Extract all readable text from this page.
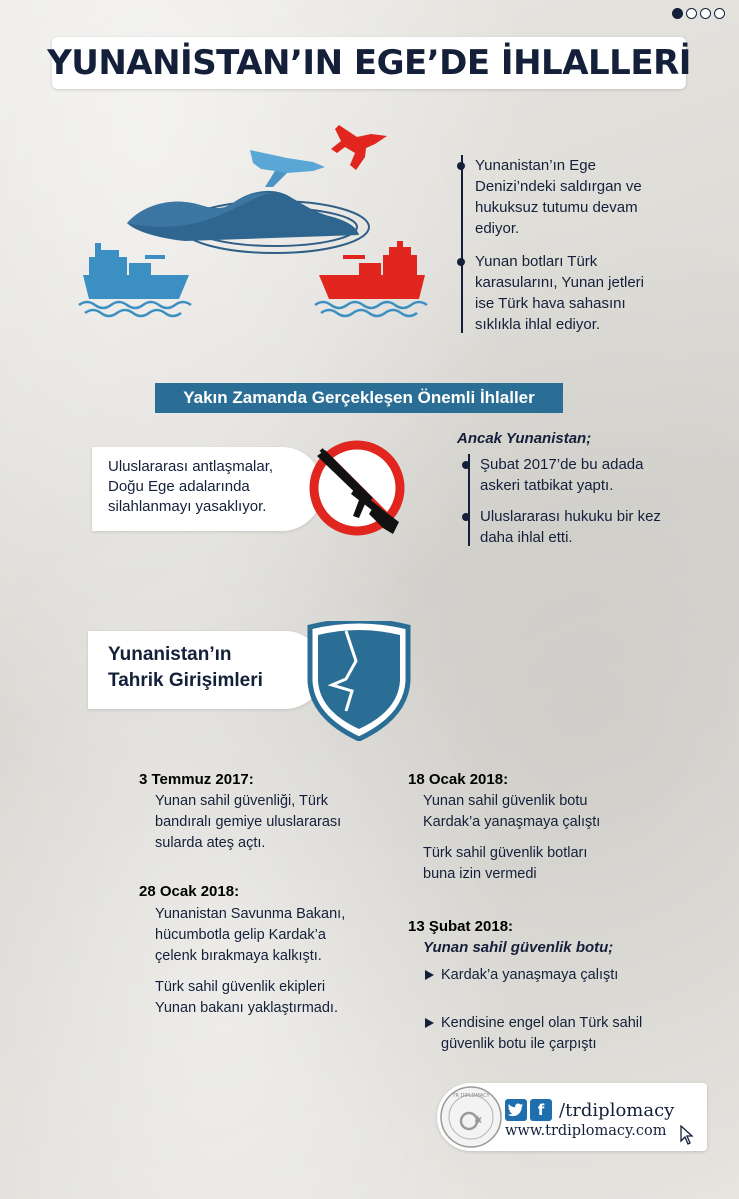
YUNANİSTAN’IN EGE’DE İHLALLERİ
Yunanistan’ın Ege Denizi’ndeki saldırgan ve hukuksuz tutumu devam ediyor.
Yunan botları Türk karasularını, Yunan jetleri ise Türk hava sahasını sıklıkla ihlal ediyor.
Yakın Zamanda Gerçekleşen Önemli İhlaller
Uluslararası antlaşmalar, Doğu Ege adalarında silahlanmayı yasaklıyor.
Ancak Yunanistan;
Şubat 2017’de bu adada askeri tatbikat yaptı.
Uluslararası hukuku bir kez daha ihlal etti.
Yunanistan’ın
Tahrik Girişimleri
3 Temmuz 2017:
Yunan sahil güvenliği, Türk bandıralı gemiye uluslararası sularda ateş açtı.
28 Ocak 2018:
Yunanistan Savunma Bakanı, hücumbotla gelip Kardak’a çelenk bırakmaya kalkıştı.
Türk sahil güvenlik ekipleri Yunan bakanı yaklaştırmadı.
18 Ocak 2018:
Yunan sahil güvenlik botu Kardak’a yanaşmaya çalıştı
Türk sahil güvenlik botları buna izin vermedi
13 Şubat 2018:
Yunan sahil güvenlik botu;
Kardak’a yanaşmaya çalıştı
Kendisine engel olan Türk sahil güvenlik botu ile çarpıştı
TR DIPLOMACY
f /trdiplomacy
www.trdiplomacy.com
